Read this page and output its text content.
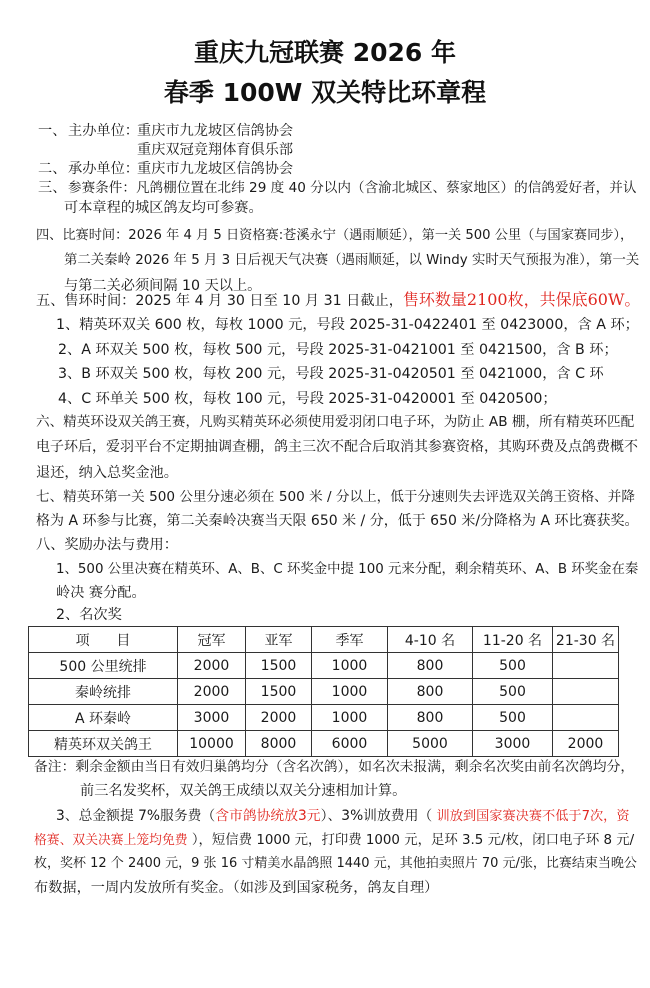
重庆九冠联赛 2026 年
春季 100W 双关特比环章程
一、 主办单位：
重庆市九龙坡区信鸽协会
重庆双冠竞翔体育俱乐部
二、 承办单位：
重庆市九龙坡区信鸽协会
三、 参赛条件：凡鸽棚位置在北纬 29 度 40 分以内（含渝北城区、蔡家地区）的信鸽爱好者，并认
可本章程的城区鸽友均可参赛。
四、比赛时间：2026 年 4 月 5 日资格赛:苍溪永宁（遇雨顺延），第一关 500 公里（与国家赛同步），
第二关秦岭 2026 年 5 月 3 日后视天气决赛（遇雨顺延，以 Windy 实时天气预报为准），第一关
与第二关必须间隔 10 天以上。
五、售环时间：2025 年 4 月 30 日至 10 月 31 日截止，售环数量2100枚，共保底60W。
1、精英环双关 600 枚，每枚 1000 元，号段 2025-31-0422401 至 0423000，含 A 环；
2、A 环双关 500 枚，每枚 500 元，号段 2025-31-0421001 至 0421500，含 B 环；
3、B 环双关 500 枚，每枚 200 元，号段 2025-31-0420501 至 0421000，含 C 环
4、C 环单关 500 枚，每枚 100 元，号段 2025-31-0420001 至 0420500；
六、精英环设双关鸽王赛，凡购买精英环必须使用爱羽闭口电子环，为防止 AB 棚，所有精英环匹配
电子环后，爱羽平台不定期抽调查棚，鸽主三次不配合后取消其参赛资格，其购环费及点鸽费概不
退还，纳入总奖金池。
七、精英环第一关 500 公里分速必须在 500 米 / 分以上，低于分速则失去评选双关鸽王资格、并降
格为 A 环参与比赛，第二关秦岭决赛当天限 650 米 / 分，低于 650 米/分降格为 A 环比赛获奖。
八、奖励办法与费用：
1、500 公里决赛在精英环、A、B、C 环奖金中提 100 元来分配，剩余精英环、A、B 环奖金在秦
岭决 赛分配。
2、名次奖
项      目	冠军	亚军	季军	4-10 名	11-20 名	21-30 名
500 公里统排	2000	1500	1000	800	500	
秦岭统排	2000	1500	1000	800	500	
A 环秦岭	3000	2000	1000	800	500	
精英环双关鸽王	10000	8000	6000	5000	3000	2000
备注：剩余金额由当日有效归巢鸽均分（含名次鸽），如名次未报满，剩余名次奖由前名次鸽均分，
前三名发奖杯，双关鸽王成绩以双关分速相加计算。
3、总金额提 7%服务费（含市鸽协统放3元）、3%训放费用（ 训放到国家赛决赛不低于7次，资
格赛、双关决赛上笼均免费 ），短信费 1000 元，打印费 1000 元，足环 3.5 元/枚，闭口电子环 8 元/
枚，奖杯 12 个 2400 元，9 张 16 寸精美水晶鸽照 1440 元，其他拍卖照片 70 元/张，比赛结束当晚公
布数据，一周内发放所有奖金。（如涉及到国家税务，鸽友自理）
